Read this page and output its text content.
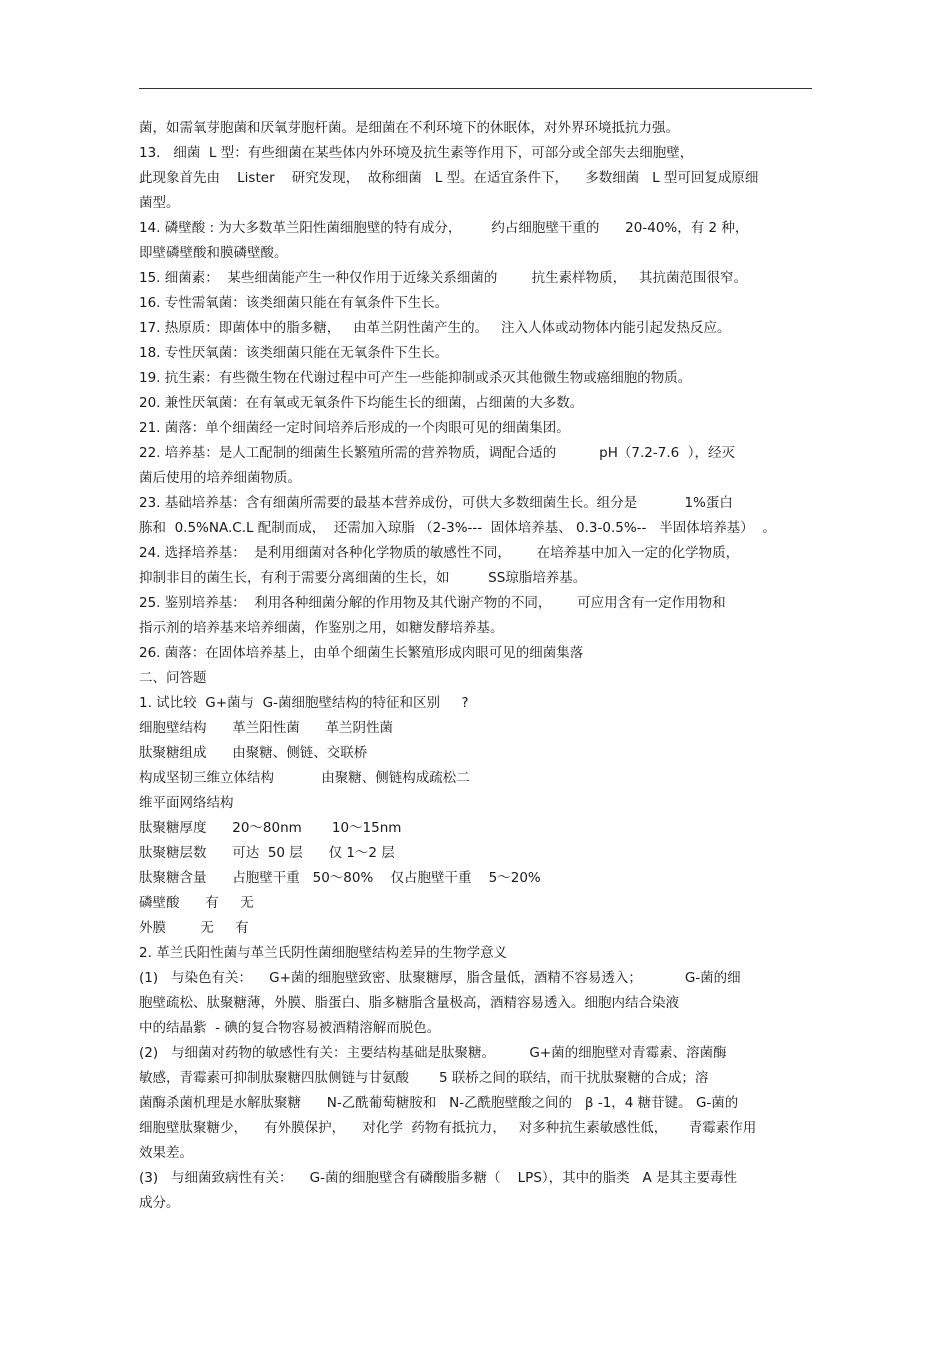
菌，如需氧芽胞菌和厌氧芽胞杆菌。是细菌在不利环境下的休眠体，对外界环境抵抗力强。
13.   细菌  L 型：有些细菌在某些体内外环境及抗生素等作用下，可部分或全部失去细胞壁，
此现象首先由    Lister    研究发现，  故称细菌   L 型。在适宜条件下，    多数细菌   L 型可回复成原细
菌型。
14. 磷壁酸 : 为大多数革兰阳性菌细胞壁的特有成分，       约占细胞壁干重的      20-40%，有 2 种，
即壁磷壁酸和膜磷壁酸。
15. 细菌素：  某些细菌能产生一种仅作用于近缘关系细菌的        抗生素样物质，   其抗菌范围很窄。
16. 专性需氧菌：该类细菌只能在有氧条件下生长。
17. 热原质：即菌体中的脂多糖，   由革兰阴性菌产生的。   注入人体或动物体内能引起发热反应。
18. 专性厌氧菌：该类细菌只能在无氧条件下生长。
19. 抗生素：有些微生物在代谢过程中可产生一些能抑制或杀灭其他微生物或癌细胞的物质。
20. 兼性厌氧菌：在有氧或无氧条件下均能生长的细菌，占细菌的大多数。
21. 菌落：单个细菌经一定时间培养后形成的一个肉眼可见的细菌集团。
22. 培养基：是人工配制的细菌生长繁殖所需的营养物质，调配合适的          pH（7.2-7.6  ），经灭
菌后使用的培养细菌物质。
23. 基础培养基：含有细菌所需要的最基本营养成份，可供大多数细菌生长。组分是           1%蛋白
胨和  0.5%NA.C.L 配制而成，  还需加入琼脂 （2-3%---  固体培养基、 0.3-0.5%--   半固体培养基）  。
24. 选择培养基：  是利用细菌对各种化学物质的敏感性不同，      在培养基中加入一定的化学物质，
抑制非目的菌生长，有利于需要分离细菌的生长，如         SS琼脂培养基。
25. 鉴别培养基：  利用各种细菌分解的作用物及其代谢产物的不同，      可应用含有一定作用物和
指示剂的培养基来培养细菌，作鉴别之用，如糖发酵培养基。
26. 菌落：在固体培养基上，由单个细菌生长繁殖形成肉眼可见的细菌集落
二、问答题
1. 试比较  G+菌与  G-菌细胞壁结构的特征和区别     ?
细胞壁结构      革兰阳性菌      革兰阴性菌
肽聚糖组成      由聚糖、侧链、交联桥
构成坚韧三维立体结构           由聚糖、侧链构成疏松二
维平面网络结构
肽聚糖厚度      20～80nm       10～15nm
肽聚糖层数      可达  50 层      仅 1～2 层
肽聚糖含量      占胞壁干重   50～80%    仅占胞壁干重    5～20%
磷壁酸      有     无
外膜        无     有
2. 革兰氏阳性菌与革兰氏阴性菌细胞壁结构差异的生物学意义
(1)   与染色有关：    G+菌的细胞壁致密、肽聚糖厚，脂含量低，酒精不容易透入；          G-菌的细
胞壁疏松、肽聚糖薄，外膜、脂蛋白、脂多糖脂含量极高，酒精容易透入。细胞内结合染液
中的结晶紫  - 碘的复合物容易被酒精溶解而脱色。
(2)   与细菌对药物的敏感性有关：主要结构基础是肽聚糖。        G+菌的细胞壁对青霉素、溶菌酶
敏感，青霉素可抑制肽聚糖四肽侧链与甘氨酸       5 联桥之间的联结，而干扰肽聚糖的合成；溶
菌酶杀菌机理是水解肽聚糖      N-乙酰葡萄糖胺和   N-乙酰胞壁酸之间的   β -1，4 糖苷键。 G-菌的
细胞壁肽聚糖少，    有外膜保护，    对化学  药物有抵抗力，   对多种抗生素敏感性低，     青霉素作用
效果差。
(3)   与细菌致病性有关：    G-菌的细胞壁含有磷酸脂多糖（    LPS），其中的脂类   A 是其主要毒性
成分。
